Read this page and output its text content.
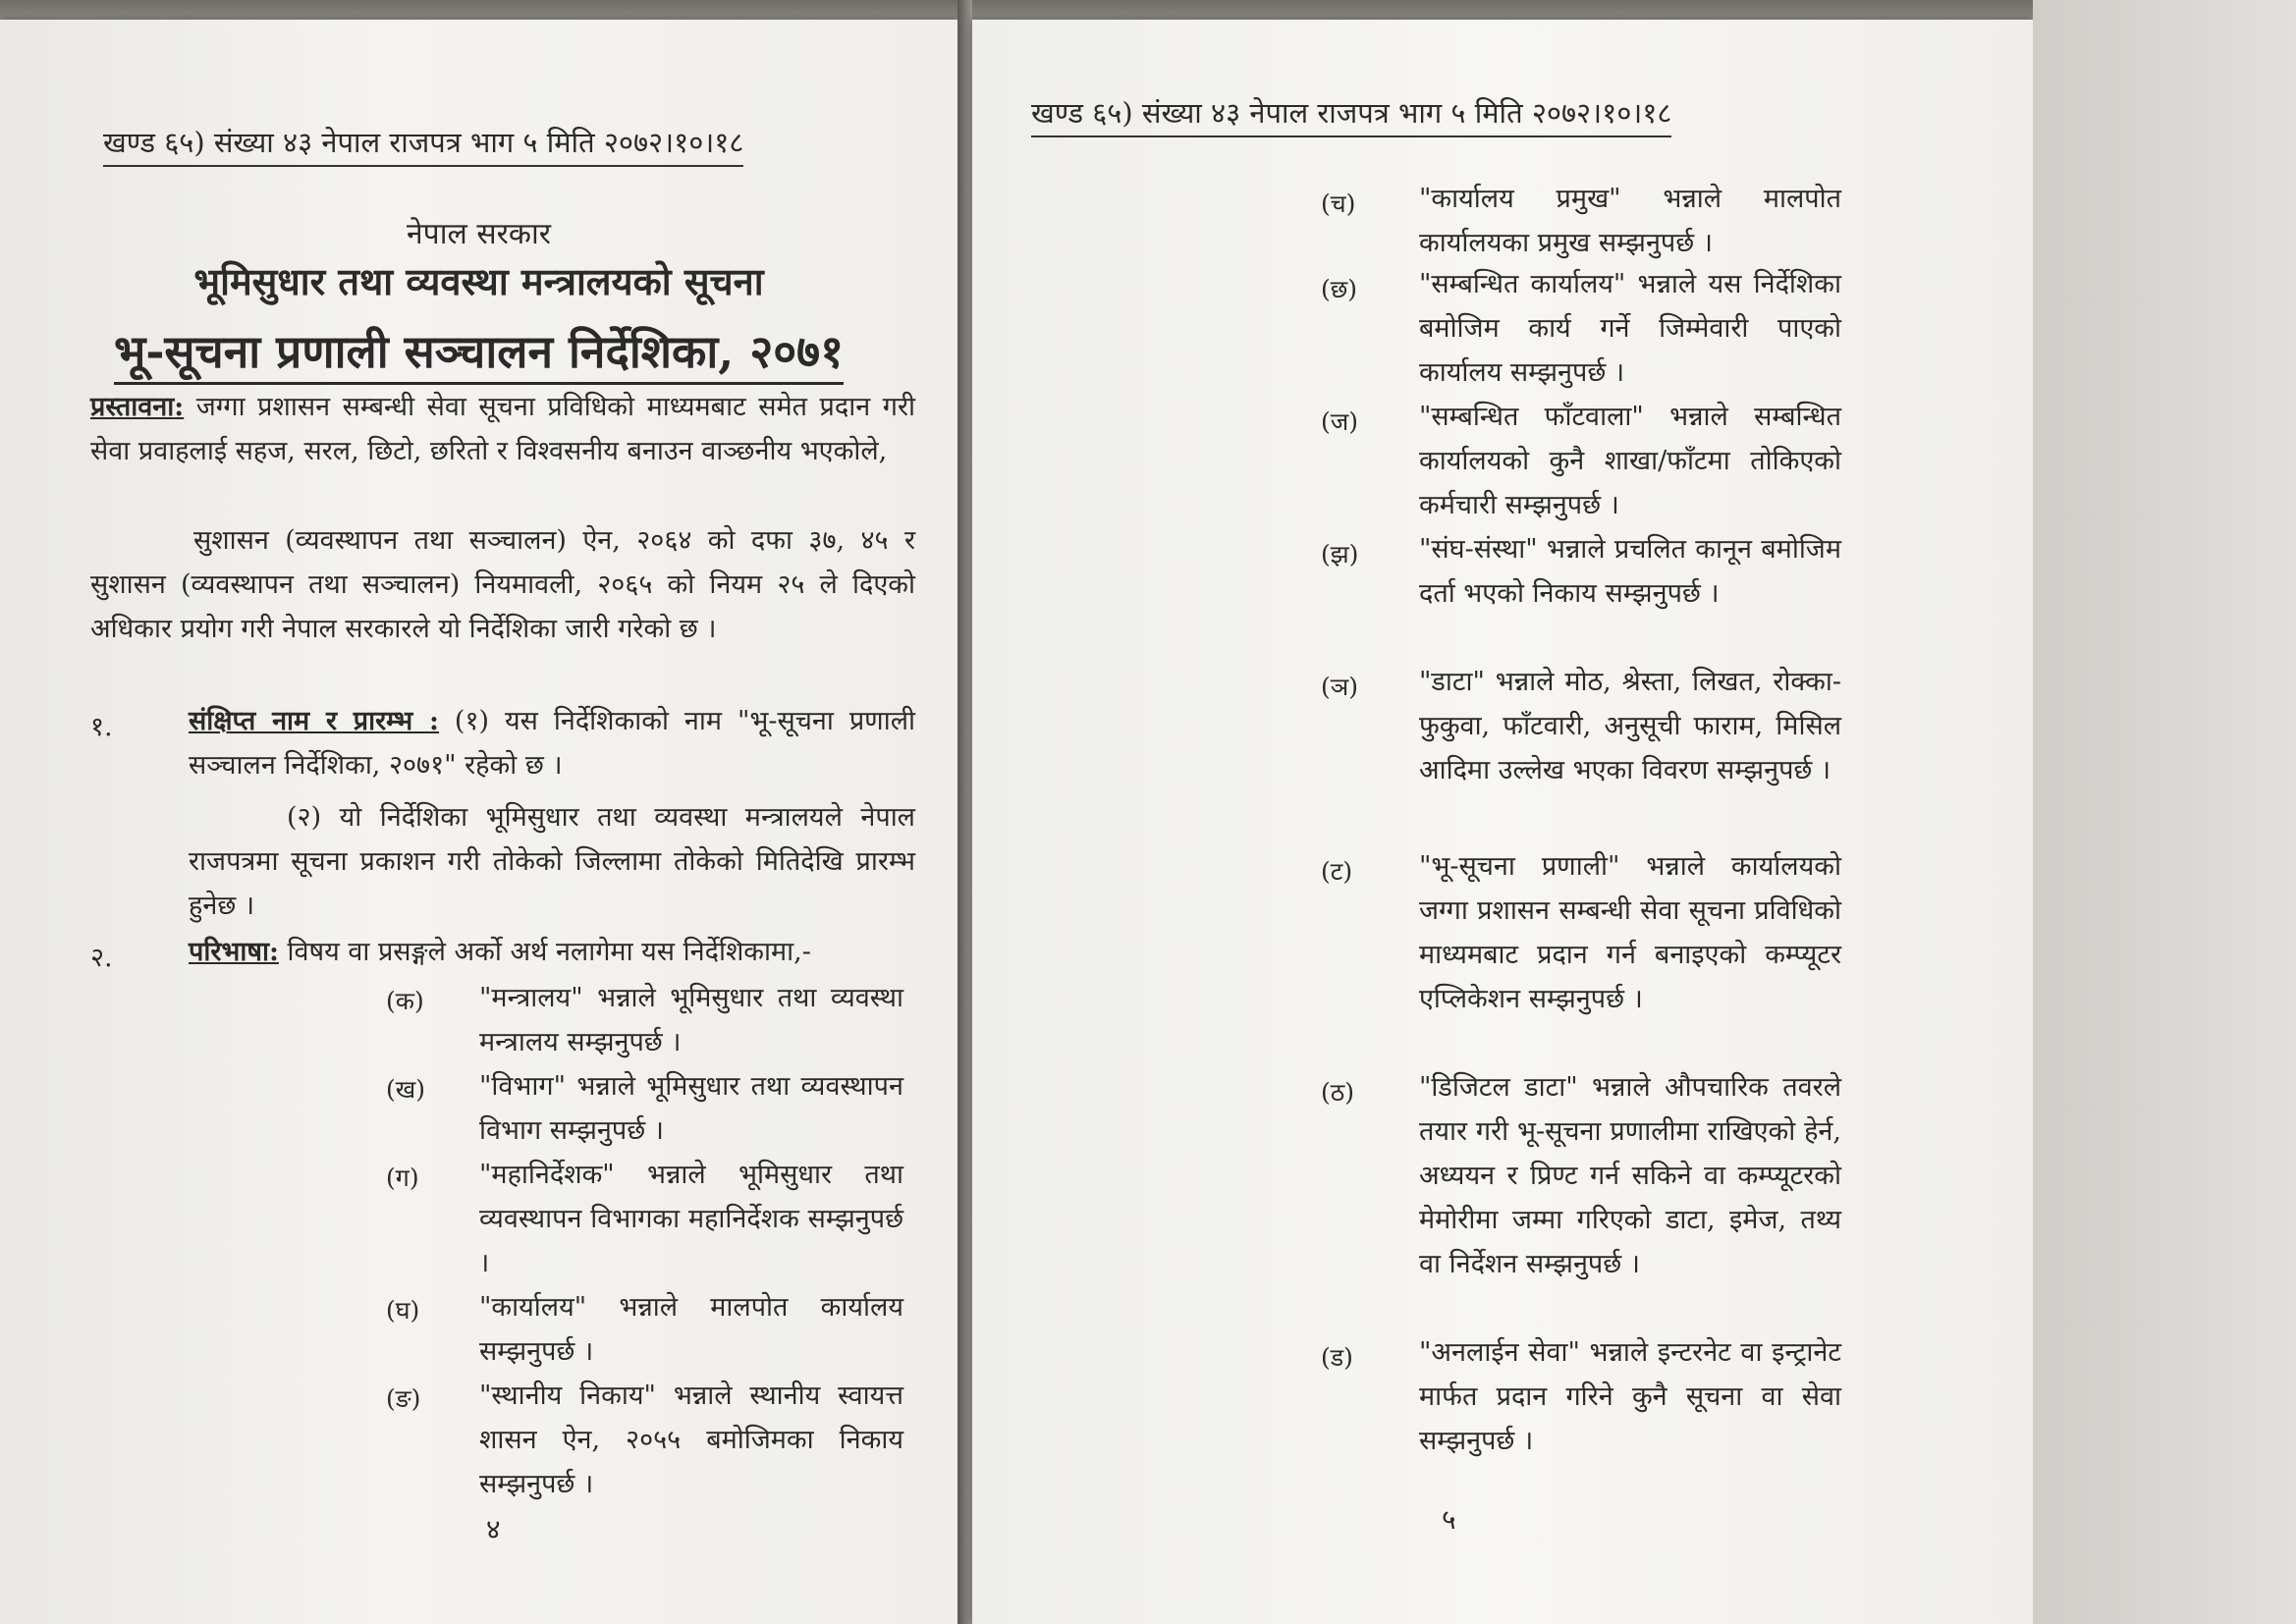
खण्ड ६५) संख्या ४३ नेपाल राजपत्र भाग ५ मिति २०७२।१०।१८
नेपाल सरकार
भूमिसुधार तथा व्यवस्था मन्त्रालयको सूचना
भू-सूचना प्रणाली सञ्चालन निर्देशिका, २०७१
प्रस्तावना: जग्गा प्रशासन सम्बन्धी सेवा सूचना प्रविधिको माध्यमबाट समेत प्रदान गरी सेवा प्रवाहलाई सहज, सरल, छिटो, छरितो र विश्वसनीय बनाउन वाञ्छनीय भएकोले,
सुशासन (व्यवस्थापन तथा सञ्चालन) ऐन, २०६४ को दफा ३७, ४५ र सुशासन (व्यवस्थापन तथा सञ्चालन) नियमावली, २०६५ को नियम २५ ले दिएको अधिकार प्रयोग गरी नेपाल सरकारले यो निर्देशिका जारी गरेको छ ।
१.	संक्षिप्त नाम र प्रारम्भ : (१) यस निर्देशिकाको नाम "भू-सूचना प्रणाली सञ्चालन निर्देशिका, २०७१" रहेको छ ।
(२) यो निर्देशिका भूमिसुधार तथा व्यवस्था मन्त्रालयले नेपाल राजपत्रमा सूचना प्रकाशन गरी तोकेको जिल्लामा तोकेको मितिदेखि प्रारम्भ हुनेछ ।
२.	परिभाषा: विषय वा प्रसङ्गले अर्को अर्थ नलागेमा यस निर्देशिकामा,-
(क) "मन्त्रालय" भन्नाले भूमिसुधार तथा व्यवस्था मन्त्रालय सम्झनुपर्छ ।
(ख) "विभाग" भन्नाले भूमिसुधार तथा व्यवस्थापन विभाग सम्झनुपर्छ ।
(ग) "महानिर्देशक" भन्नाले भूमिसुधार तथा व्यवस्थापन विभागका महानिर्देशक सम्झनुपर्छ ।
(घ) "कार्यालय" भन्नाले मालपोत कार्यालय सम्झनुपर्छ ।
(ङ) "स्थानीय निकाय" भन्नाले स्थानीय स्वायत्त शासन ऐन, २०५५ बमोजिमका निकाय सम्झनुपर्छ ।
४
खण्ड ६५) संख्या ४३ नेपाल राजपत्र भाग ५ मिति २०७२।१०।१८
(च) "कार्यालय प्रमुख" भन्नाले मालपोत कार्यालयका प्रमुख सम्झनुपर्छ ।
(छ) "सम्बन्धित कार्यालय" भन्नाले यस निर्देशिका बमोजिम कार्य गर्ने जिम्मेवारी पाएको कार्यालय सम्झनुपर्छ ।
(ज) "सम्बन्धित फाँटवाला" भन्नाले सम्बन्धित कार्यालयको कुनै शाखा/फाँटमा तोकिएको कर्मचारी सम्झनुपर्छ ।
(झ) "संघ-संस्था" भन्नाले प्रचलित कानून बमोजिम दर्ता भएको निकाय सम्झनुपर्छ ।
(ञ) "डाटा" भन्नाले मोठ, श्रेस्ता, लिखत, रोक्का-फुकुवा, फाँटवारी, अनुसूची फाराम, मिसिल आदिमा उल्लेख भएका विवरण सम्झनुपर्छ ।
(ट)	"भू-सूचना प्रणाली" भन्नाले कार्यालयको जग्गा प्रशासन सम्बन्धी सेवा सूचना प्रविधिको माध्यमबाट प्रदान गर्न बनाइएको कम्प्यूटर एप्लिकेशन सम्झनुपर्छ ।
(ठ) "डिजिटल डाटा" भन्नाले औपचारिक तवरले तयार गरी भू-सूचना प्रणालीमा राखिएको हेर्न, अध्ययन र प्रिण्ट गर्न सकिने वा कम्प्यूटरको मेमोरीमा जम्मा गरिएको डाटा, इमेज, तथ्य वा निर्देशन सम्झनुपर्छ ।
(ड) "अनलाईन सेवा" भन्नाले इन्टरनेट वा इन्ट्रानेट मार्फत प्रदान गरिने कुनै सूचना वा सेवा सम्झनुपर्छ ।
५
